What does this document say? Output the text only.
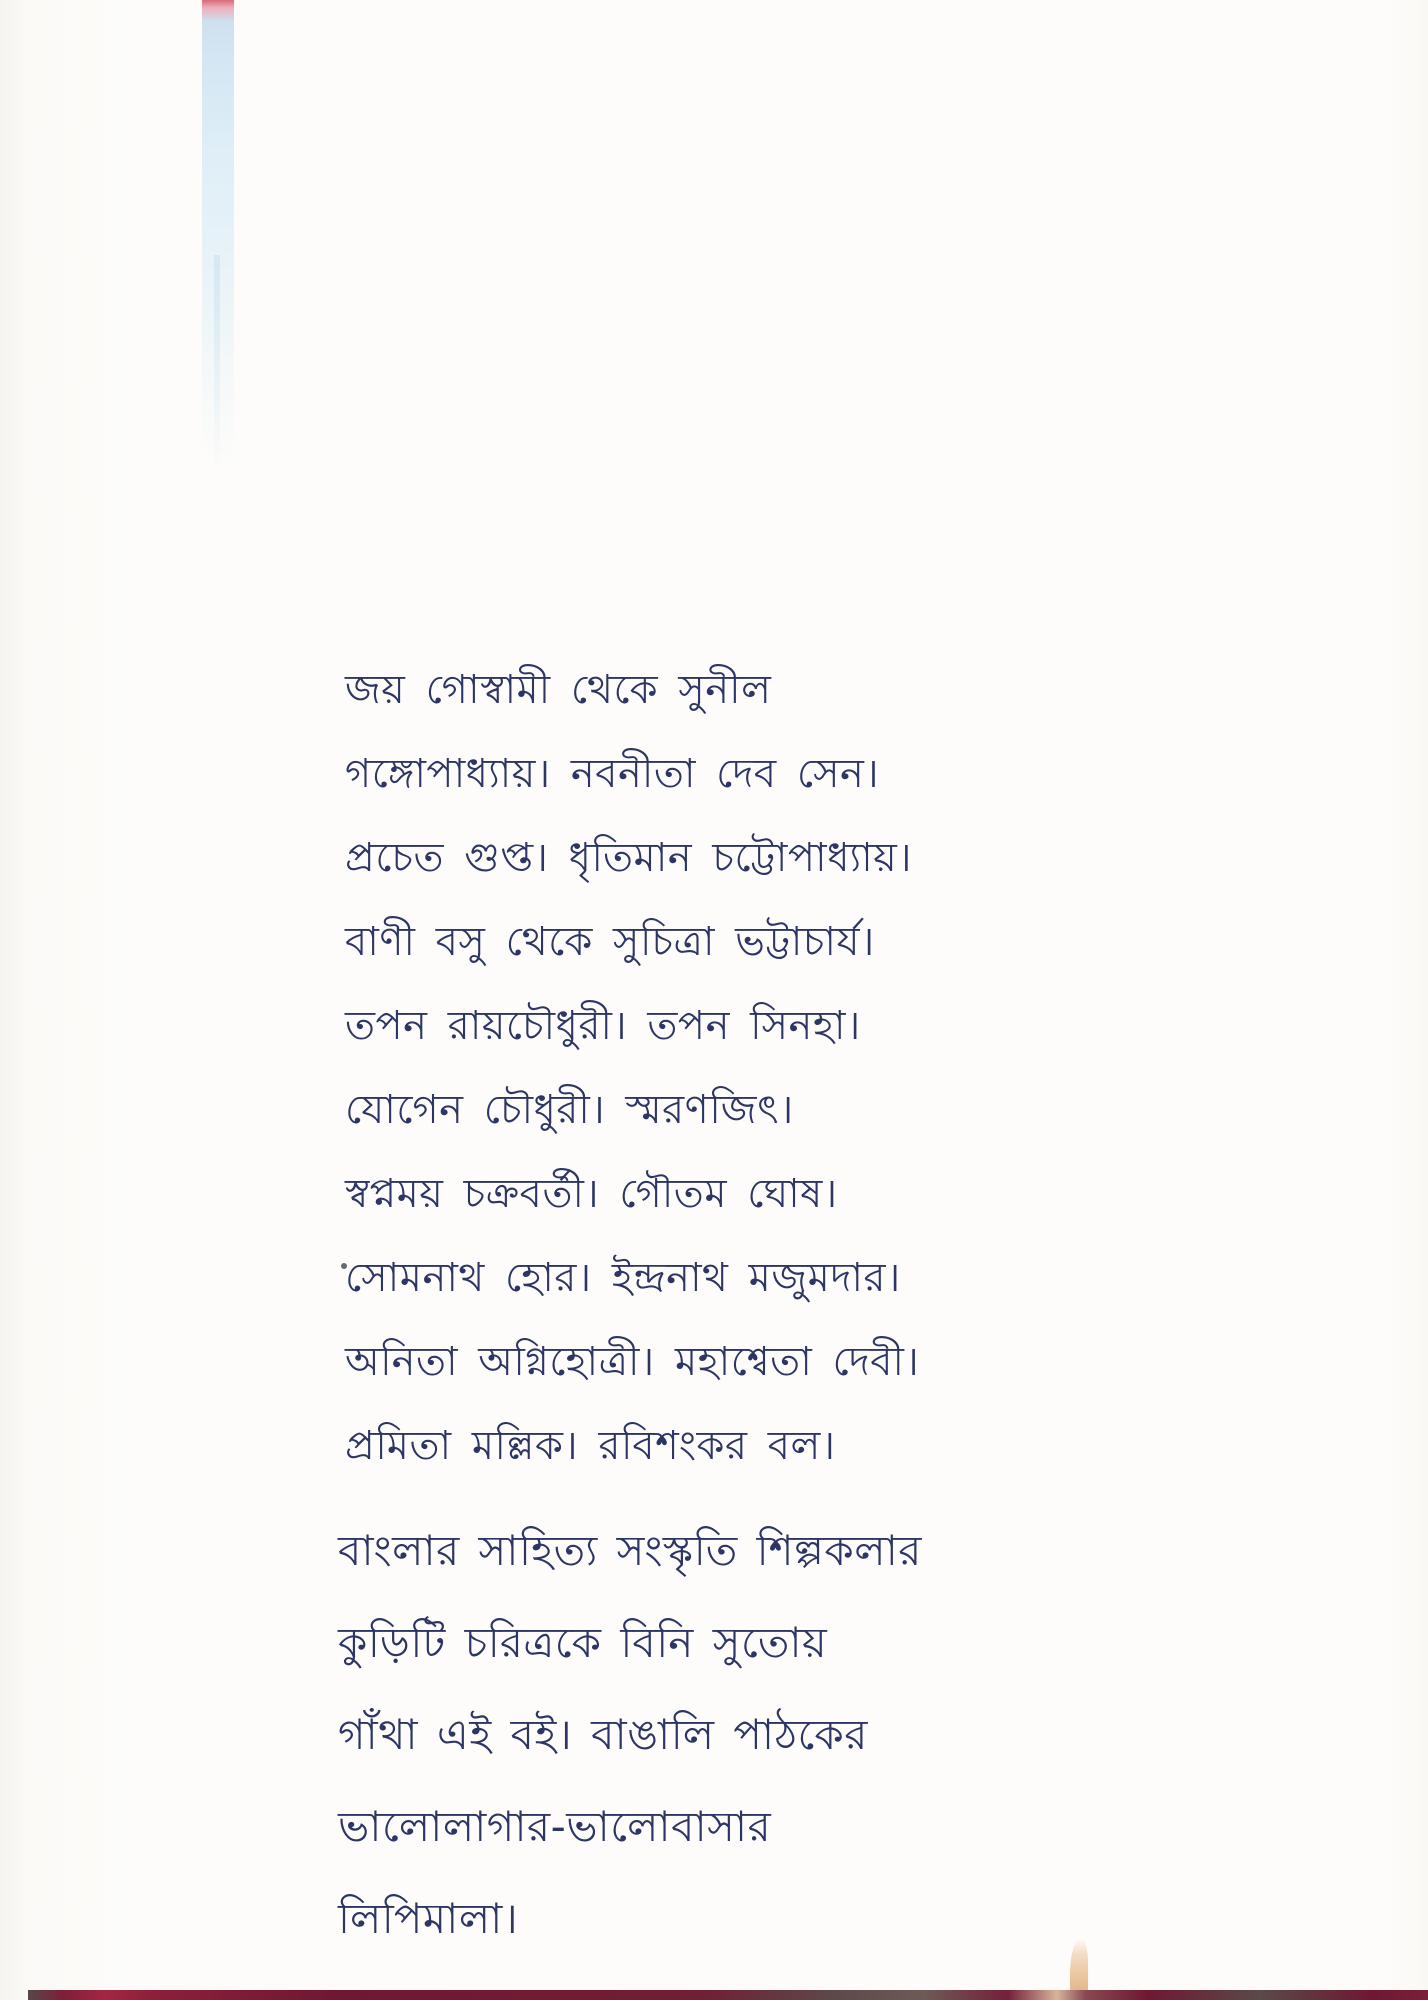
জয় গোস্বামী থেকে সুনীল
গঙ্গোপাধ্যায়। নবনীতা দেব সেন।
প্রচেত গুপ্ত। ধৃতিমান চট্টোপাধ্যায়।
বাণী বসু থেকে সুচিত্রা ভট্টাচার্য।
তপন রায়চৌধুরী। তপন সিনহা।
যোগেন চৌধুরী। স্মরণজিৎ।
স্বপ্নময় চক্রবর্তী। গৌতম ঘোষ।
সোমনাথ হোর। ইন্দ্রনাথ মজুমদার।
অনিতা অগ্নিহোত্রী। মহাশ্বেতা দেবী।
প্রমিতা মল্লিক। রবিশংকর বল।
বাংলার সাহিত্য সংস্কৃতি শিল্পকলার
কুড়িটি চরিত্রকে বিনি সুতোয়
গাঁথা এই বই। বাঙালি পাঠকের
ভালোলাগার-ভালোবাসার
লিপিমালা।
